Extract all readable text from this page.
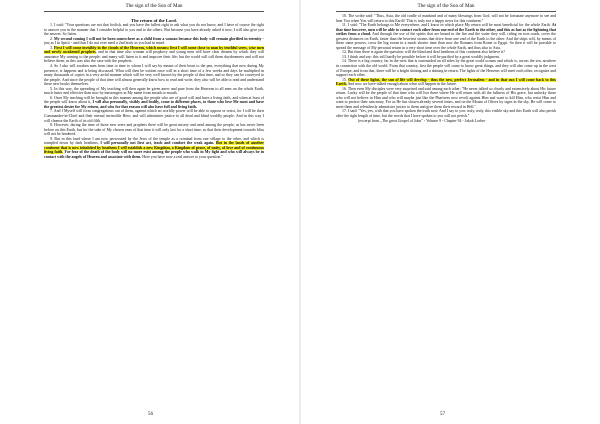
The sign of the Son of Man

*

The return of the Lord.

1. I said: "Your questions are not that foolish, and you have the fullest right to ask what you do not know, and I have of course the right to answer you in the manner that I consider helpful to you and to the others. But because you have already asked it now, I will also give you the answer. So listen.

2. My second coming I will not be born somewhere as a child from a woman because this body will remain glorified in eternity - just as I in Spirit - and thus I do not ever need a 2nd body as you had in mind.

3. First I will come invisibly in the clouds of the Heavens, which means: first I will come close to man by truthful seers, wise men and newly awakened prophets, and in that time also woman will prophecy and young men will have clear dreams by which they will announce My coming to the people, and many will listen to it and improve their life; but the world will call them daydreamers and will not believe them, as this was also the case with the prophets.

4. So I also will awaken men from time to time to whom I will say by means of their heart to the pen, everything that now during My presence, is happens and is being discussed. What will then be written once will in a short time of a few weeks and days be multiplied in many thousands of copies in a very artful manner which will be very well known by the people of that time, and so they can be conveyed to the people. And since the people of that time will almost generally know how to read and write, they also will be able to read and understand these new books themselves.

5. In this way, the spreading of My teaching will then again be given anew and pure from the Heavens to all men on the whole Earth, much faster and effective than now by messengers in My name from mouth to mouth.

6. Once My teaching will be brought in this manner among the people who are of good will and have a living faith, and when at least of the people will know about it, I will also personally, visibly and bodily, come to different places, to those who love Me most and have the greatest desire for My return, and who for that reason will also have full and living faith.

7. And I Myself will form congregations out of them, against which no worldly power will be able to oppose or resist, for I will be their Commander-in-Chief and their eternal invincible Hero, and will administer justice to all dead and blind worldly people. And in this way I will cleanse the Earth of its old filth.

8. However, during the time of those new seers and prophets there will be great misery and need among the people, as has never been before on this Earth, but for the sake of My chosen ones of that time it will only last for a short time, so that their development towards bliss will not be hindered.

9. But in this land where I am now persecuted by the Jews of the temple as a criminal from one village to the other, and which is trampled down by dark heathens, I will personally not first act, teach and comfort the weak again. But in the lands of another continent that is now inhabited by heathens I will establish a new Kingdom, a Kingdom of peace, of unity, of love and of continuous living faith. For fear of the death of the body will no more exist among the people who walk in My light and who will always be in contact with the angels of Heaven and associate with them. Here you have now a real answer to your question."

56
The sign of the Son of Man

10. The scribe said: "Thus, Asia, the old cradle of mankind and of many blessings from God, will not be fortunate anymore to see and hear You when You will return to this Earth? This is truly not a happy news for this continent."

11. I said: "The Earth belongs to Me everywhere, and I know in which place My return will be most beneficial for the whole Earth. At that time however, men will be able to contact each other from one end of the Earth to the other, and this as fast as the lightning that strikes from a cloud. And through the use of the spirits that are bound in the fire and the water they will, riding on iron roads, cover the greatest distances on Earth, faster than the heaviest storms that drive from one end of the Earth to the other. And the ships will, by means of these same powers, cross the big ocean in a much shorter time than now the Romans from Rome to Egypt. So then it will be possible to spread the message of My personal return in a very short time over the whole Earth, and thus also to Asia.

12. But then there is again the question: will the blind and deaf heathens of this continent also believe it?

13. I think and say: this will hardly be possible before it will be purified by a great worldly judgment.

14. There is a big country, far in the west that is surrounded on all sides by the great world oceans and which is, across the sea, nowhere in connection with the old world. From that country, first the people will come to know great things, and they will also come up in the west of Europe, and from that, there will be a bright shining and a shining in return. The lights of the Heavens will meet each other, recognize and support each other.

15. Out of these lights, the sun of life will develop - thus the new, perfect Jerusalem - and in that sun I will come back to this Earth. And now we have talked enough about what will happen in the future.

16. Then even My disciples were very surprised and said among each other: "He never talked so clearly and extensively about His future return. Lucky will be the people of that time who will live there where He will return with all the fullness of His grace, but unlucky those who will not believe in Him and who will maybe just like the Pharisees now revolt against Him and want to kill Him, who resist Him and want to protect their sanctuary. For as He has shown already several times, and on the Mount of Olives by signs in the sky, He will come to meet them and relentlessly administer justice to them and give them their reward in Hell."

17. I said: "Yes, yes, with that you have spoken the truth now. And I say to you: truly, truly, this visible sky and this Earth will also perish after the right length of time, but the words that I have spoken to you will not perish."

(excerpt from „The great Gospel of John" - Volume 9 - Chapter 94 - Jakob Lorber

57
